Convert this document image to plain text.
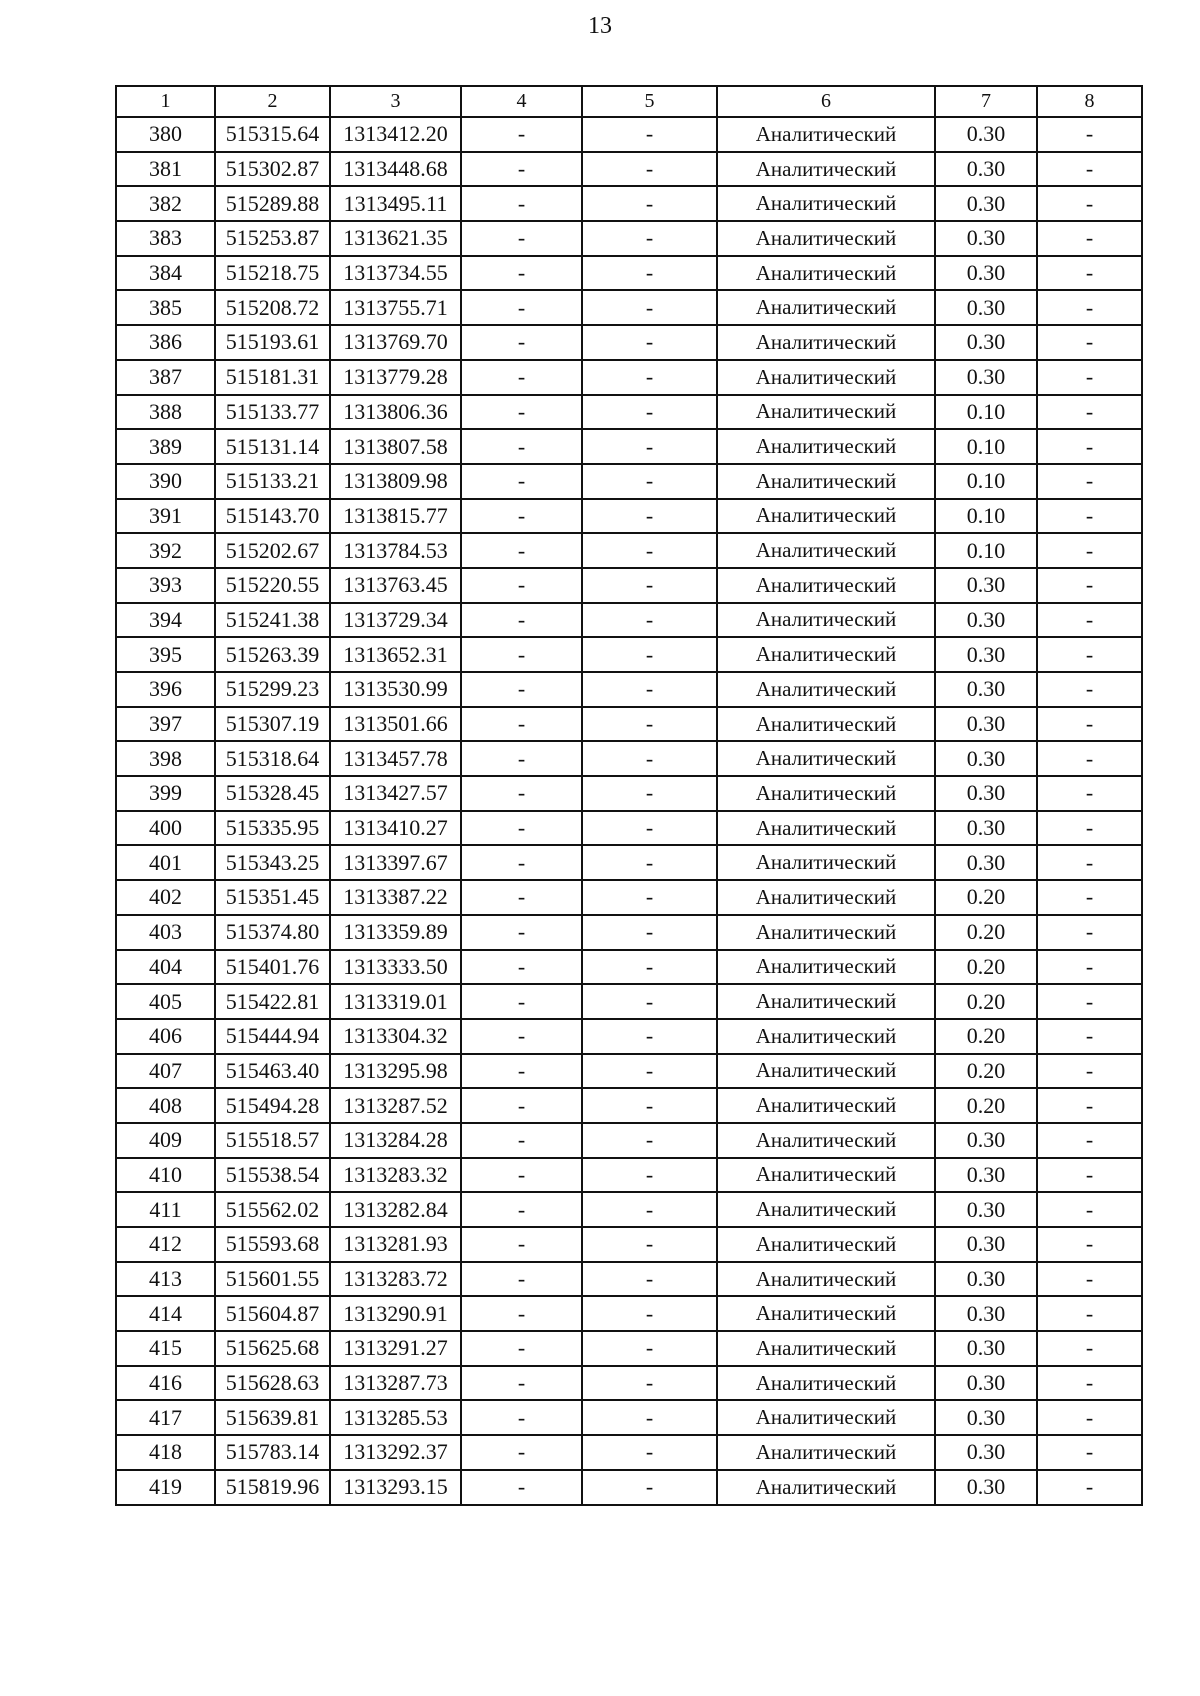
13
1	2	3	4	5	6	7	8
380	515315.64	1313412.20	-	-	Аналитический	0.30	-
381	515302.87	1313448.68	-	-	Аналитический	0.30	-
382	515289.88	1313495.11	-	-	Аналитический	0.30	-
383	515253.87	1313621.35	-	-	Аналитический	0.30	-
384	515218.75	1313734.55	-	-	Аналитический	0.30	-
385	515208.72	1313755.71	-	-	Аналитический	0.30	-
386	515193.61	1313769.70	-	-	Аналитический	0.30	-
387	515181.31	1313779.28	-	-	Аналитический	0.30	-
388	515133.77	1313806.36	-	-	Аналитический	0.10	-
389	515131.14	1313807.58	-	-	Аналитический	0.10	-
390	515133.21	1313809.98	-	-	Аналитический	0.10	-
391	515143.70	1313815.77	-	-	Аналитический	0.10	-
392	515202.67	1313784.53	-	-	Аналитический	0.10	-
393	515220.55	1313763.45	-	-	Аналитический	0.30	-
394	515241.38	1313729.34	-	-	Аналитический	0.30	-
395	515263.39	1313652.31	-	-	Аналитический	0.30	-
396	515299.23	1313530.99	-	-	Аналитический	0.30	-
397	515307.19	1313501.66	-	-	Аналитический	0.30	-
398	515318.64	1313457.78	-	-	Аналитический	0.30	-
399	515328.45	1313427.57	-	-	Аналитический	0.30	-
400	515335.95	1313410.27	-	-	Аналитический	0.30	-
401	515343.25	1313397.67	-	-	Аналитический	0.30	-
402	515351.45	1313387.22	-	-	Аналитический	0.20	-
403	515374.80	1313359.89	-	-	Аналитический	0.20	-
404	515401.76	1313333.50	-	-	Аналитический	0.20	-
405	515422.81	1313319.01	-	-	Аналитический	0.20	-
406	515444.94	1313304.32	-	-	Аналитический	0.20	-
407	515463.40	1313295.98	-	-	Аналитический	0.20	-
408	515494.28	1313287.52	-	-	Аналитический	0.20	-
409	515518.57	1313284.28	-	-	Аналитический	0.30	-
410	515538.54	1313283.32	-	-	Аналитический	0.30	-
411	515562.02	1313282.84	-	-	Аналитический	0.30	-
412	515593.68	1313281.93	-	-	Аналитический	0.30	-
413	515601.55	1313283.72	-	-	Аналитический	0.30	-
414	515604.87	1313290.91	-	-	Аналитический	0.30	-
415	515625.68	1313291.27	-	-	Аналитический	0.30	-
416	515628.63	1313287.73	-	-	Аналитический	0.30	-
417	515639.81	1313285.53	-	-	Аналитический	0.30	-
418	515783.14	1313292.37	-	-	Аналитический	0.30	-
419	515819.96	1313293.15	-	-	Аналитический	0.30	-
